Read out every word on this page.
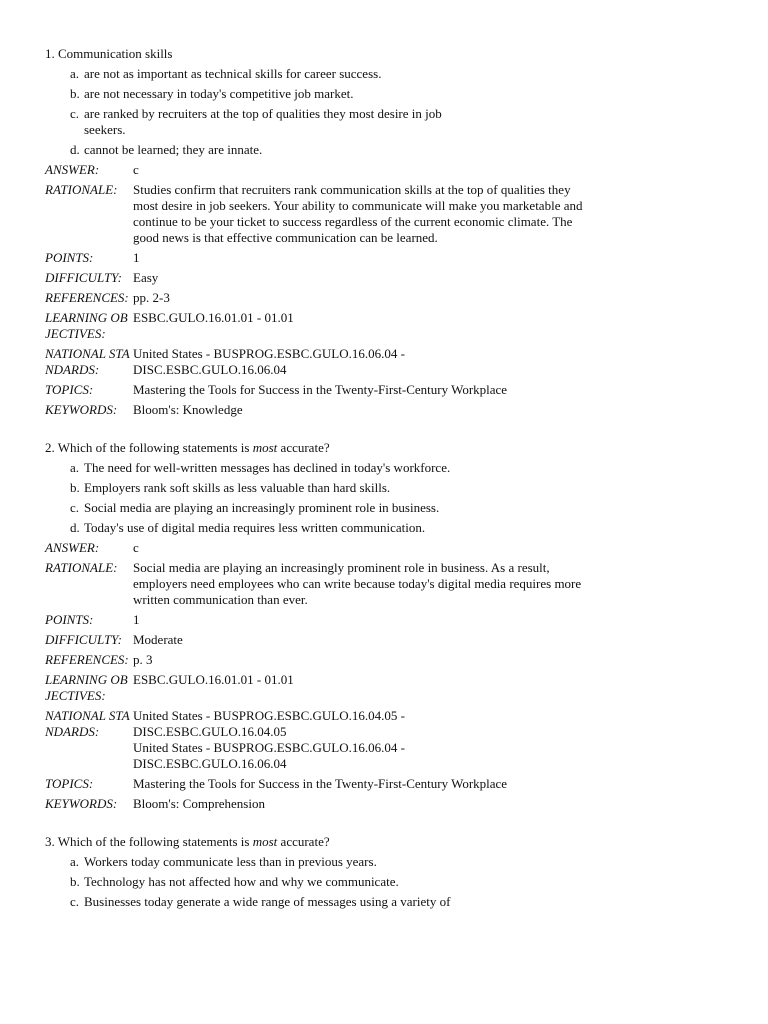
1. Communication skills
a. are not as important as technical skills for career success.
b. are not necessary in today's competitive job market.
c. are ranked by recruiters at the top of qualities they most desire in job seekers.
d. cannot be learned; they are innate.
ANSWER:	c
RATIONALE:	Studies confirm that recruiters rank communication skills at the top of qualities they most desire in job seekers. Your ability to communicate will make you marketable and continue to be your ticket to success regardless of the current economic climate. The good news is that effective communication can be learned.
POINTS:	1
DIFFICULTY: Easy
REFERENCES: pp. 2-3
LEARNING OBJECTIVES:
ESBC.GULO.16.01.01 - 01.01
NATIONAL STANDARDS:
United States - BUSPROG.ESBC.GULO.16.06.04 -
DISC.ESBC.GULO.16.06.04
TOPICS:	Mastering the Tools for Success in the Twenty-First-Century Workplace
KEYWORDS:	Bloom's: Knowledge
2. Which of the following statements is most accurate?
a. The need for well-written messages has declined in today's workforce.
b. Employers rank soft skills as less valuable than hard skills.
c. Social media are playing an increasingly prominent role in business.
d. Today's use of digital media requires less written communication.
ANSWER:	c
RATIONALE:	Social media are playing an increasingly prominent role in business. As a result, employers need employees who can write because today's digital media requires more written communication than ever.
POINTS:	1
DIFFICULTY: Moderate
REFERENCES: p. 3
LEARNING OBJECTIVES:
ESBC.GULO.16.01.01 - 01.01
NATIONAL STANDARDS:
United States - BUSPROG.ESBC.GULO.16.04.05 -
DISC.ESBC.GULO.16.04.05
United States - BUSPROG.ESBC.GULO.16.06.04 -
DISC.ESBC.GULO.16.06.04
TOPICS:	Mastering the Tools for Success in the Twenty-First-Century Workplace
KEYWORDS:	Bloom's: Comprehension
3. Which of the following statements is most accurate?
a. Workers today communicate less than in previous years.
b. Technology has not affected how and why we communicate.
c. Businesses today generate a wide range of messages using a variety of
